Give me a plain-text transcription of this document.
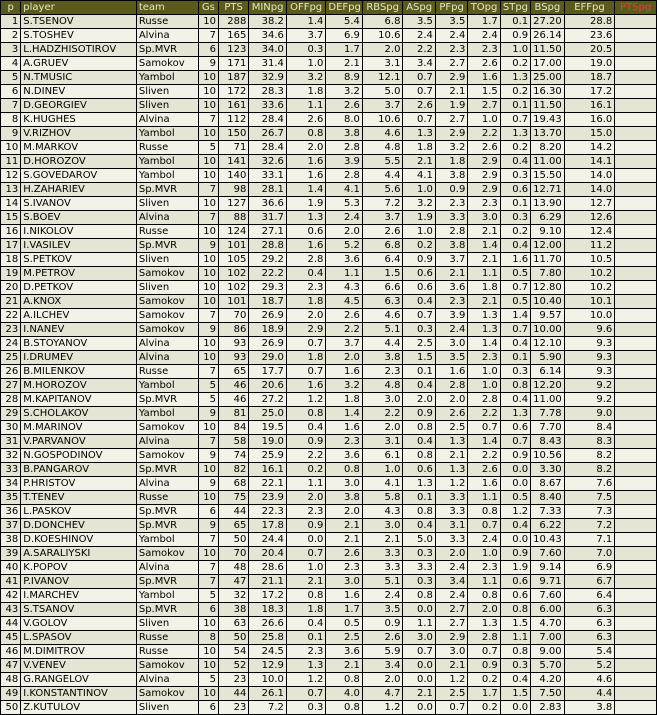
p	player	team	Gs	PTS	MINpg	OFFpg	DEFpg	RBSpg	ASpg	PFpg	TOpg	STpg	BSpg	EFFpg	PTSpg
1	S.TSENOV	Russe	10	288	38.2	1.4	5.4	6.8	3.5	3.5	1.7	0.1	27.20	28.8	
2	S.TOSHEV	Alvina	7	165	34.6	3.7	6.9	10.6	2.4	2.4	2.4	0.9	26.14	23.6	
3	L.HADZHISOTIROV	Sp.MVR	6	123	34.0	0.3	1.7	2.0	2.2	2.3	2.3	1.0	11.50	20.5	
4	A.GRUEV	Samokov	9	171	31.4	1.0	2.1	3.1	3.4	2.7	2.6	0.2	17.00	19.0	
5	N.TMUSIC	Yambol	10	187	32.9	3.2	8.9	12.1	0.7	2.9	1.6	1.3	25.00	18.7	
6	N.DINEV	Sliven	10	172	28.3	1.8	3.2	5.0	0.7	2.1	1.5	0.2	16.30	17.2	
7	D.GEORGIEV	Sliven	10	161	33.6	1.1	2.6	3.7	2.6	1.9	2.7	0.1	11.50	16.1	
8	K.HUGHES	Alvina	7	112	28.4	2.6	8.0	10.6	0.7	2.7	1.0	0.7	19.43	16.0	
9	V.RIZHOV	Yambol	10	150	26.7	0.8	3.8	4.6	1.3	2.9	2.2	1.3	13.70	15.0	
10	M.MARKOV	Russe	5	71	28.4	2.0	2.8	4.8	1.8	3.2	2.6	0.2	8.20	14.2	
11	D.HOROZOV	Yambol	10	141	32.6	1.6	3.9	5.5	2.1	1.8	2.9	0.4	11.00	14.1	
12	S.GOVEDAROV	Yambol	10	140	33.1	1.6	2.8	4.4	4.1	3.8	2.9	0.3	15.50	14.0	
13	H.ZAHARIEV	Sp.MVR	7	98	28.1	1.4	4.1	5.6	1.0	0.9	2.9	0.6	12.71	14.0	
14	S.IVANOV	Sliven	10	127	36.6	1.9	5.3	7.2	3.2	2.3	2.3	0.1	13.90	12.7	
15	S.BOEV	Alvina	7	88	31.7	1.3	2.4	3.7	1.9	3.3	3.0	0.3	6.29	12.6	
16	I.NIKOLOV	Russe	10	124	27.1	0.6	2.0	2.6	1.0	2.8	2.1	0.2	9.10	12.4	
17	I.VASILEV	Sp.MVR	9	101	28.8	1.6	5.2	6.8	0.2	3.8	1.4	0.4	12.00	11.2	
18	S.PETKOV	Sliven	10	105	29.2	2.8	3.6	6.4	0.9	3.7	2.1	1.6	11.70	10.5	
19	M.PETROV	Samokov	10	102	22.2	0.4	1.1	1.5	0.6	2.1	1.1	0.5	7.80	10.2	
20	D.PETKOV	Sliven	10	102	29.3	2.3	4.3	6.6	0.6	3.6	1.8	0.7	12.80	10.2	
21	A.KNOX	Samokov	10	101	18.7	1.8	4.5	6.3	0.4	2.3	2.1	0.5	10.40	10.1	
22	A.ILCHEV	Samokov	7	70	26.9	2.0	2.6	4.6	0.7	3.9	1.3	1.4	9.57	10.0	
23	I.NANEV	Samokov	9	86	18.9	2.9	2.2	5.1	0.3	2.4	1.3	0.7	10.00	9.6	
24	B.STOYANOV	Alvina	10	93	26.9	0.7	3.7	4.4	2.5	3.0	1.4	0.4	12.10	9.3	
25	I.DRUMEV	Alvina	10	93	29.0	1.8	2.0	3.8	1.5	3.5	2.3	0.1	5.90	9.3	
26	B.MILENKOV	Russe	7	65	17.7	0.7	1.6	2.3	0.1	1.6	1.0	0.3	6.14	9.3	
27	M.HOROZOV	Yambol	5	46	20.6	1.6	3.2	4.8	0.4	2.8	1.0	0.8	12.20	9.2	
28	M.KAPITANOV	Sp.MVR	5	46	27.2	1.2	1.8	3.0	2.0	2.0	2.8	0.4	11.00	9.2	
29	S.CHOLAKOV	Yambol	9	81	25.0	0.8	1.4	2.2	0.9	2.6	2.2	1.3	7.78	9.0	
30	M.MARINOV	Samokov	10	84	19.5	0.4	1.6	2.0	0.8	2.5	0.7	0.6	7.70	8.4	
31	V.PARVANOV	Alvina	7	58	19.0	0.9	2.3	3.1	0.4	1.3	1.4	0.7	8.43	8.3	
32	N.GOSPODINOV	Samokov	9	74	25.9	2.2	3.6	6.1	0.8	2.1	2.2	0.9	10.56	8.2	
33	B.PANGAROV	Sp.MVR	10	82	16.1	0.2	0.8	1.0	0.6	1.3	2.6	0.0	3.30	8.2	
34	P.HRISTOV	Alvina	9	68	22.1	1.1	3.0	4.1	1.3	1.2	1.6	0.0	8.67	7.6	
35	T.TENEV	Russe	10	75	23.9	2.0	3.8	5.8	0.1	3.3	1.1	0.5	8.40	7.5	
36	L.PASKOV	Sp.MVR	6	44	22.3	2.3	2.0	4.3	0.8	3.3	0.8	1.2	7.33	7.3	
37	D.DONCHEV	Sp.MVR	9	65	17.8	0.9	2.1	3.0	0.4	3.1	0.7	0.4	6.22	7.2	
38	D.KOESHINOV	Yambol	7	50	24.4	0.0	2.1	2.1	5.0	3.3	2.4	0.0	10.43	7.1	
39	A.SARALIYSKI	Samokov	10	70	20.4	0.7	2.6	3.3	0.3	2.0	1.0	0.9	7.60	7.0	
40	K.POPOV	Alvina	7	48	28.6	1.0	2.3	3.3	3.3	2.4	2.3	1.9	9.14	6.9	
41	P.IVANOV	Sp.MVR	7	47	21.1	2.1	3.0	5.1	0.3	3.4	1.1	0.6	9.71	6.7	
42	I.MARCHEV	Yambol	5	32	17.2	0.8	1.6	2.4	0.8	2.4	0.8	0.6	7.60	6.4	
43	S.TSANOV	Sp.MVR	6	38	18.3	1.8	1.7	3.5	0.0	2.7	2.0	0.8	6.00	6.3	
44	V.GOLOV	Sliven	10	63	26.6	0.4	0.5	0.9	1.1	2.7	1.3	1.5	4.70	6.3	
45	L.SPASOV	Russe	8	50	25.8	0.1	2.5	2.6	3.0	2.9	2.8	1.1	7.00	6.3	
46	M.DIMITROV	Russe	10	54	24.5	2.3	3.6	5.9	0.7	3.0	0.7	0.8	9.00	5.4	
47	V.VENEV	Samokov	10	52	12.9	1.3	2.1	3.4	0.0	2.1	0.9	0.3	5.70	5.2	
48	G.RANGELOV	Alvina	5	23	10.0	1.2	0.8	2.0	0.0	1.2	0.2	0.4	4.20	4.6	
49	I.KONSTANTINOV	Samokov	10	44	26.1	0.7	4.0	4.7	2.1	2.5	1.7	1.5	7.50	4.4	
50	Z.KUTULOV	Sliven	6	23	7.2	0.3	0.8	1.2	0.0	0.7	0.2	0.0	2.83	3.8	
